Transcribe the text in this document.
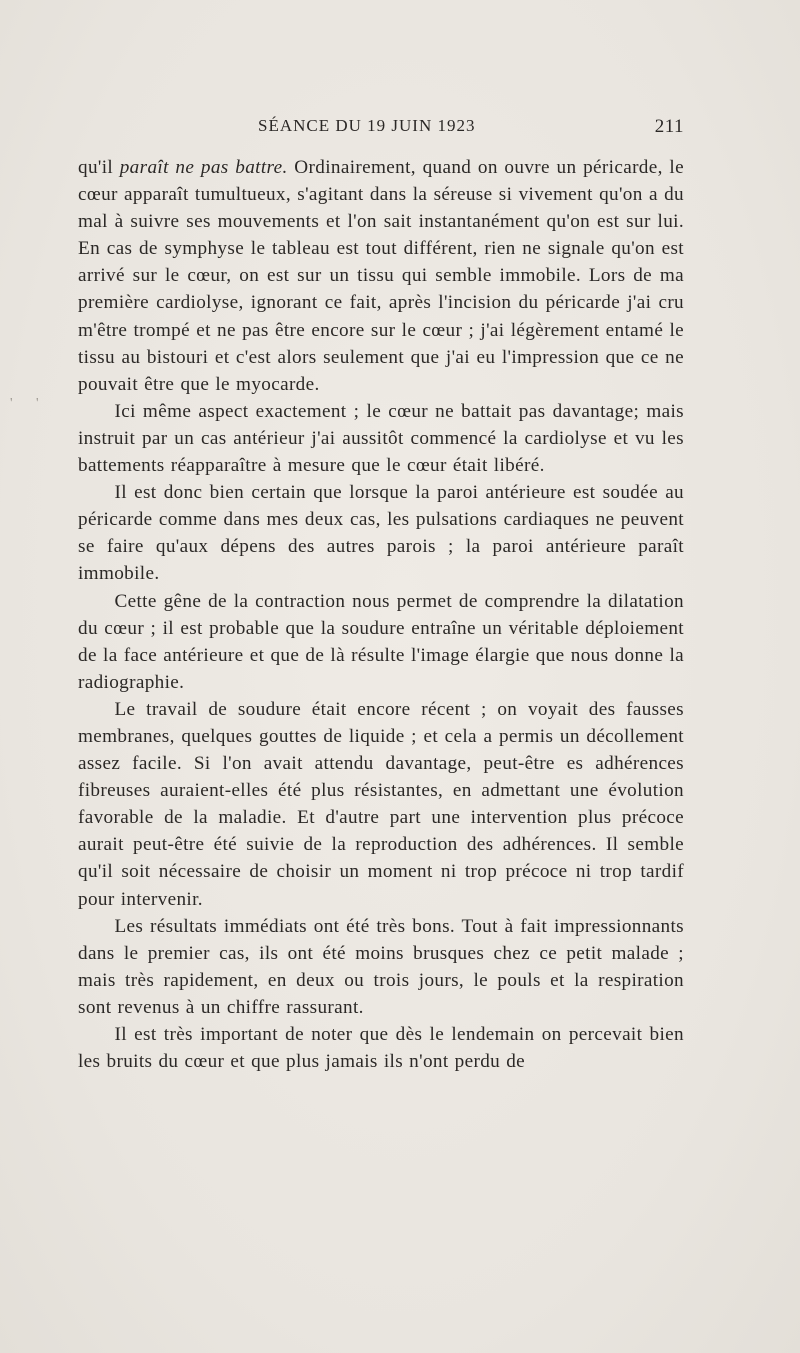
SÉANCE DU 19 JUIN 1923	211
' '

qu'il paraît ne pas battre. Ordinairement, quand on ouvre un péricarde, le cœur apparaît tumultueux, s'agitant dans la séreuse si vivement qu'on a du mal à suivre ses mouvements et l'on sait instantanément qu'on est sur lui. En cas de symphyse le tableau est tout différent, rien ne signale qu'on est arrivé sur le cœur, on est sur un tissu qui semble immobile. Lors de ma première cardiolyse, ignorant ce fait, après l'incision du péricarde j'ai cru m'être trompé et ne pas être encore sur le cœur ; j'ai légèrement entamé le tissu au bistouri et c'est alors seulement que j'ai eu l'impression que ce ne pouvait être que le myocarde.

Ici même aspect exactement ; le cœur ne battait pas davantage; mais instruit par un cas antérieur j'ai aussitôt commencé la cardiolyse et vu les battements réapparaître à mesure que le cœur était libéré.

Il est donc bien certain que lorsque la paroi antérieure est soudée au péricarde comme dans mes deux cas, les pulsations cardiaques ne peuvent se faire qu'aux dépens des autres parois ; la paroi antérieure paraît immobile.

Cette gêne de la contraction nous permet de comprendre la dilatation du cœur ; il est probable que la soudure entraîne un véritable déploiement de la face antérieure et que de là résulte l'image élargie que nous donne la radiographie.

Le travail de soudure était encore récent ; on voyait des fausses membranes, quelques gouttes de liquide ; et cela a permis un décollement assez facile. Si l'on avait attendu davantage, peut-être es adhérences fibreuses auraient-elles été plus résistantes, en admettant une évolution favorable de la maladie. Et d'autre part une intervention plus précoce aurait peut-être été suivie de la reproduction des adhérences. Il semble qu'il soit nécessaire de choisir un moment ni trop précoce ni trop tardif pour intervenir.

Les résultats immédiats ont été très bons. Tout à fait impressionnants dans le premier cas, ils ont été moins brusques chez ce petit malade ; mais très rapidement, en deux ou trois jours, le pouls et la respiration sont revenus à un chiffre rassurant.

Il est très important de noter que dès le lendemain on percevait bien les bruits du cœur et que plus jamais ils n'ont perdu de
